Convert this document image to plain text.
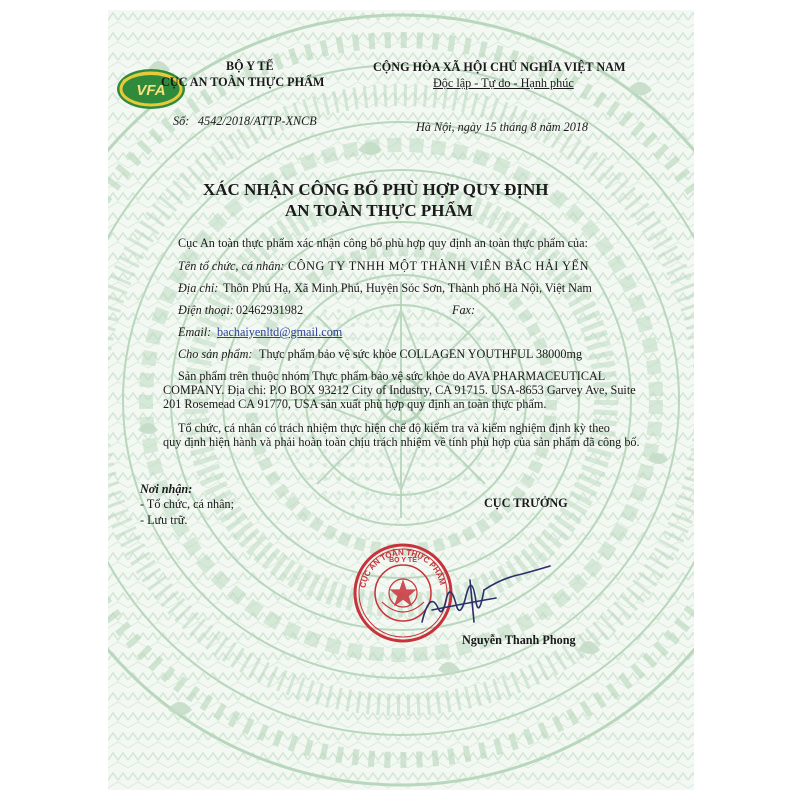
VFA
BỘ Y TẾ
CỤC AN TOÀN THỰC PHẨM
Số: 4542/2018/ATTP-XNCB
CỘNG HÒA XÃ HỘI CHỦ NGHĨA VIỆT NAM
Độc lập - Tự do - Hạnh phúc
Hà Nội, ngày 15 tháng 8 năm 2018
XÁC NHẬN CÔNG BỐ PHÙ HỢP QUY ĐỊNH
AN TOÀN THỰC PHẨM
Cục An toàn thực phẩm xác nhận công bố phù hợp quy định an toàn thực phẩm của:
Tên tổ chức, cá nhân: CÔNG TY TNHH MỘT THÀNH VIÊN BẮC HẢI YẾN
Địa chỉ: Thôn Phú Hạ, Xã Minh Phú, Huyện Sóc Sơn, Thành phố Hà Nội, Việt Nam
Điện thoại: 02462931982	Fax:
Email: bachaiyenltd@gmail.com
Cho sản phẩm: Thực phẩm bảo vệ sức khỏe COLLAGEN YOUTHFUL 38000mg
Sản phẩm trên thuộc nhóm Thực phẩm bảo vệ sức khỏe do AVA PHARMACEUTICAL
COMPANY. Địa chỉ: P.O BOX 93212 City of Industry, CA 91715. USA-8653 Garvey Ave, Suite
201 Rosemead CA 91770, USA sản xuất phù hợp quy định an toàn thực phẩm.
Tổ chức, cá nhân có trách nhiệm thực hiện chế độ kiểm tra và kiểm nghiệm định kỳ theo
quy định hiện hành và phải hoàn toàn chịu trách nhiệm về tính phù hợp của sản phẩm đã công bố.
Nơi nhận:
- Tổ chức, cá nhân;
- Lưu trữ.
CỤC TRƯỞNG
CỤC AN TOÀN THỰC PHẨM
BỘ Y TẾ
Nguyễn Thanh Phong
